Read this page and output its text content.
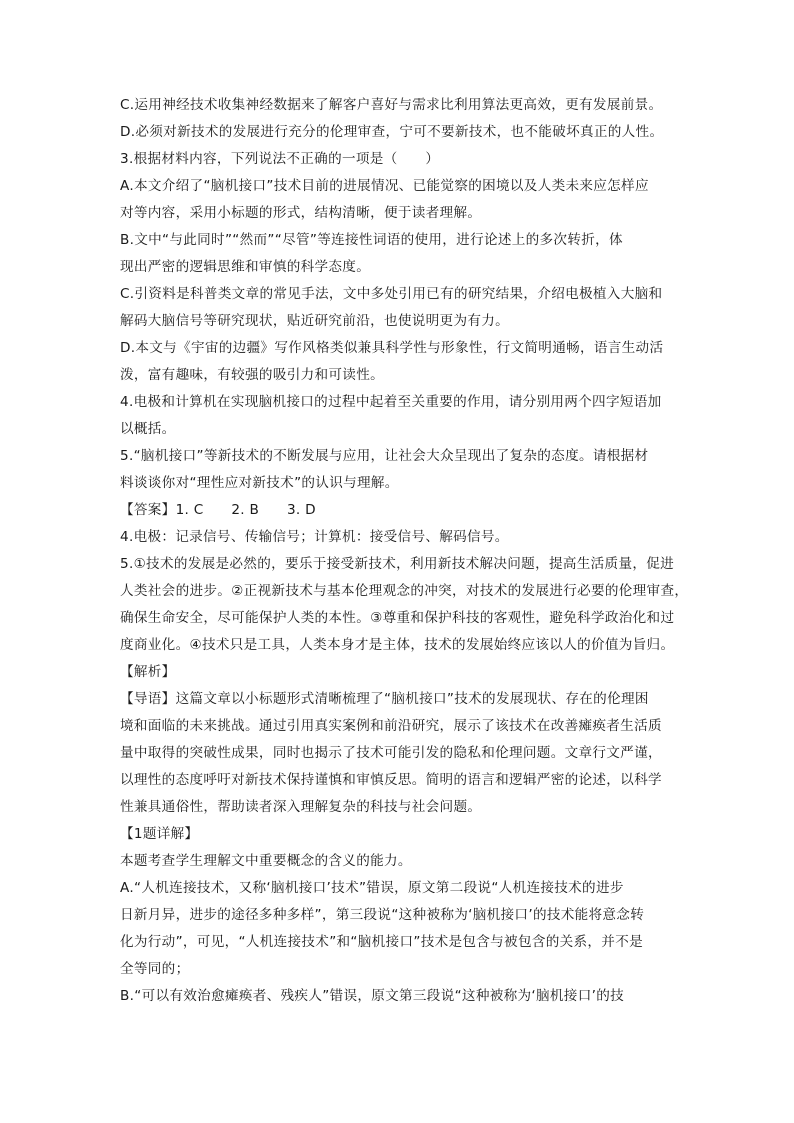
C.运用神经技术收集神经数据来了解客户喜好与需求比利用算法更高效，更有发展前景。
D.必须对新技术的发展进行充分的伦理审查，宁可不要新技术，也不能破坏真正的人性。
3.根据材料内容，下列说法不正确的一项是（　　）
A.本文介绍了“脑机接口”技术目前的进展情况、已能觉察的困境以及人类未来应怎样应
对等内容，采用小标题的形式，结构清晰，便于读者理解。
B.文中“与此同时”“然而”“尽管”等连接性词语的使用，进行论述上的多次转折，体
现出严密的逻辑思维和审慎的科学态度。
C.引资料是科普类文章的常见手法，文中多处引用已有的研究结果，介绍电极植入大脑和
解码大脑信号等研究现状，贴近研究前沿，也使说明更为有力。
D.本文与《宇宙的边疆》写作风格类似兼具科学性与形象性，行文简明通畅，语言生动活
泼，富有趣味，有较强的吸引力和可读性。
4.电极和计算机在实现脑机接口的过程中起着至关重要的作用，请分别用两个四字短语加
以概括。
5.“脑机接口”等新技术的不断发展与应用，让社会大众呈现出了复杂的态度。请根据材
料谈谈你对“理性应对新技术”的认识与理解。
【答案】1. C　　2. B　　3. D
4.电极：记录信号、传输信号；计算机：接受信号、解码信号。
5.①技术的发展是必然的，要乐于接受新技术，利用新技术解决问题，提高生活质量，促进
人类社会的进步。②正视新技术与基本伦理观念的冲突，对技术的发展进行必要的伦理审查，
确保生命安全，尽可能保护人类的本性。③尊重和保护科技的客观性，避免科学政治化和过
度商业化。④技术只是工具，人类本身才是主体，技术的发展始终应该以人的价值为旨归。
【解析】
【导语】这篇文章以小标题形式清晰梳理了“脑机接口”技术的发展现状、存在的伦理困
境和面临的未来挑战。通过引用真实案例和前沿研究，展示了该技术在改善瘫痪者生活质
量中取得的突破性成果，同时也揭示了技术可能引发的隐私和伦理问题。文章行文严谨，
以理性的态度呼吁对新技术保持谨慎和审慎反思。简明的语言和逻辑严密的论述，以科学
性兼具通俗性，帮助读者深入理解复杂的科技与社会问题。
【1题详解】
本题考查学生理解文中重要概念的含义的能力。
A.“人机连接技术，又称‘脑机接口’技术”错误，原文第二段说“人机连接技术的进步
日新月异，进步的途径多种多样”，第三段说“这种被称为‘脑机接口’的技术能将意念转
化为行动”，可见，“人机连接技术”和“脑机接口”技术是包含与被包含的关系，并不是
全等同的；
B.“可以有效治愈瘫痪者、残疾人”错误，原文第三段说“这种被称为‘脑机接口’的技
